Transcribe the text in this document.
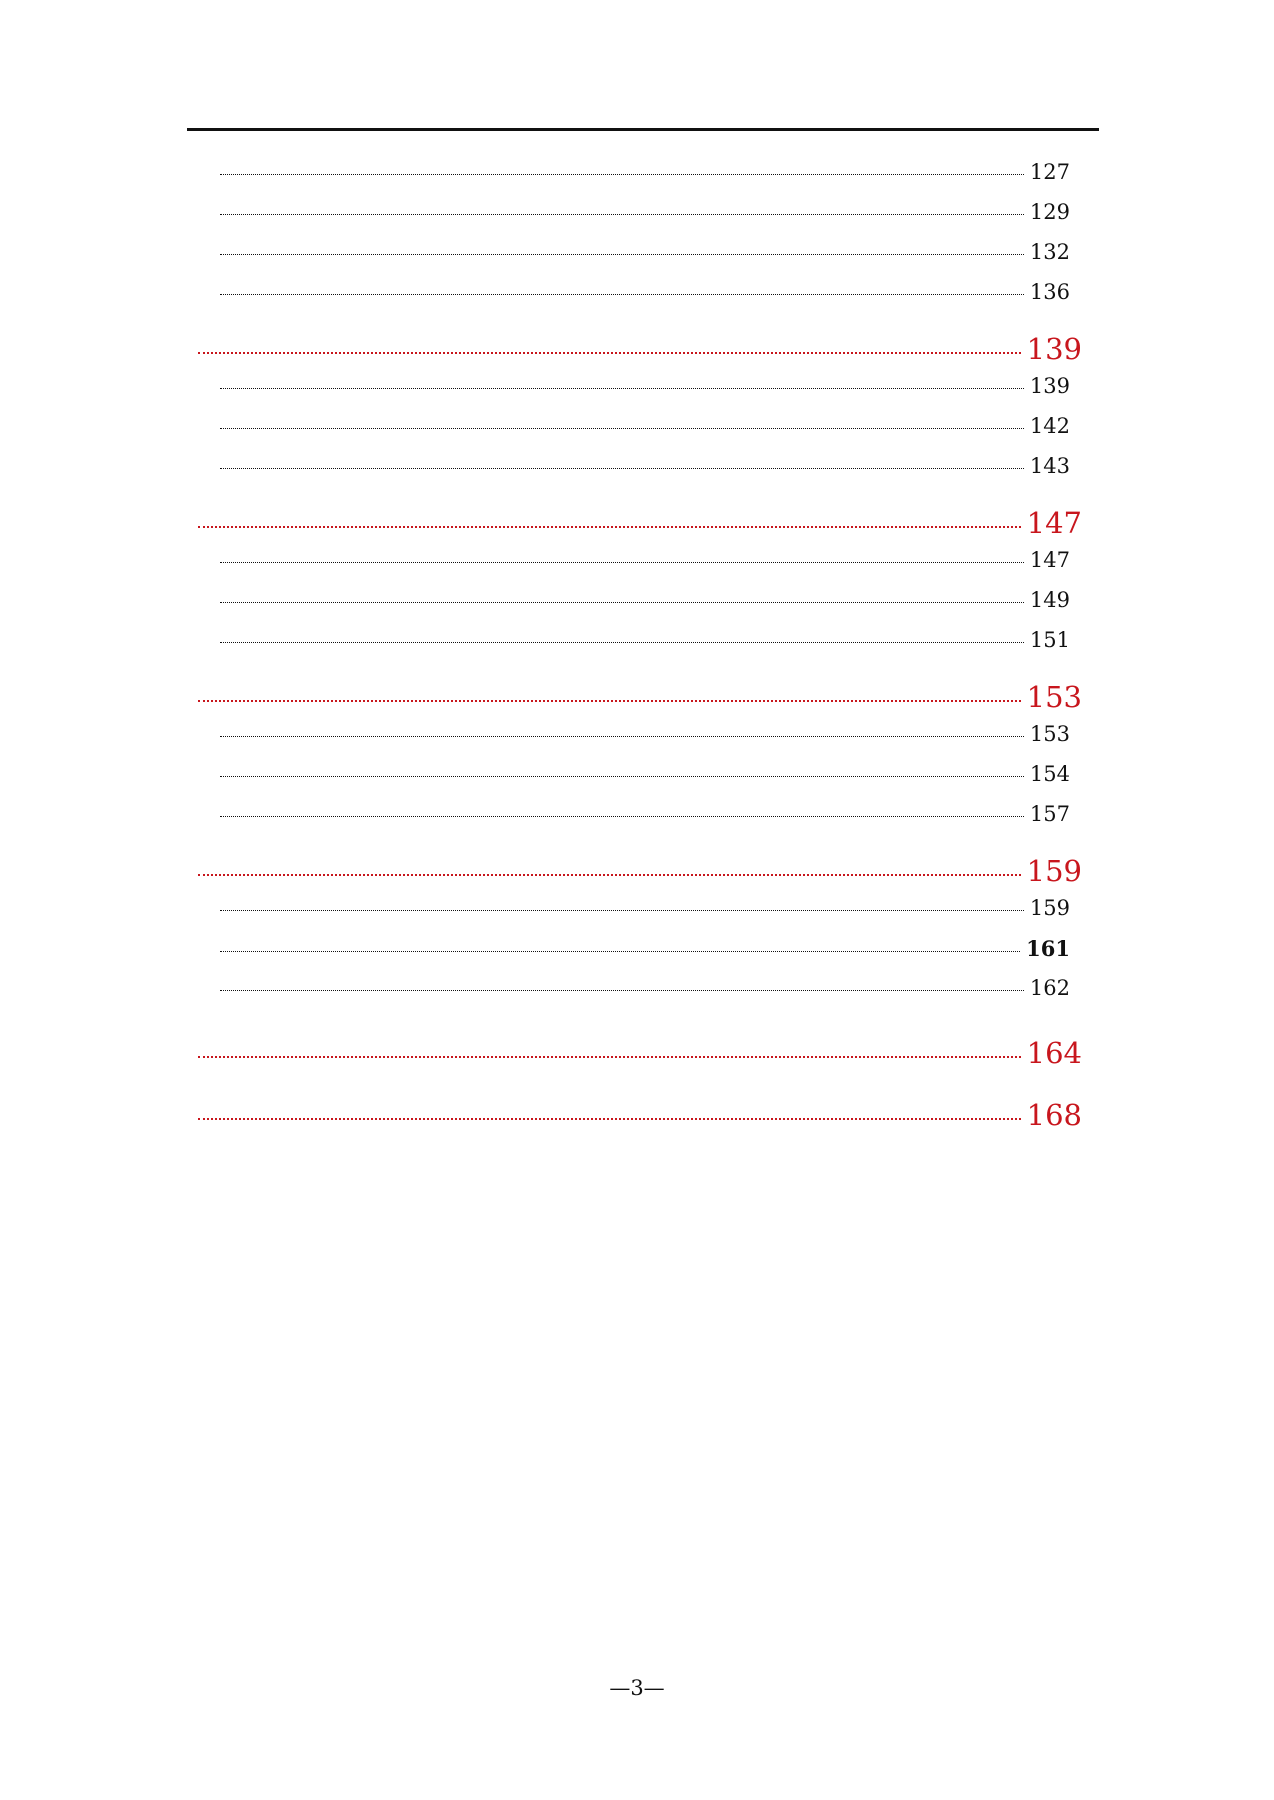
127
129
132
136
139
139
142
143
147
147
149
151
153
153
154
157
159
159
161
162
164
168
—3—
